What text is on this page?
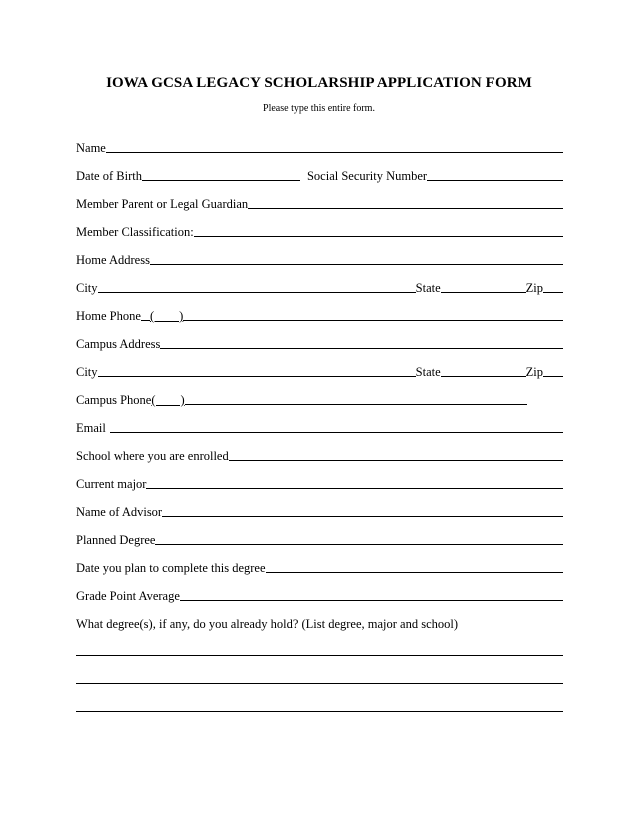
IOWA GCSA LEGACY SCHOLARSHIP APPLICATION FORM
Please type this entire form.
Name
Date of Birth	Social Security Number
Member Parent or Legal Guardian
Member Classification:
Home Address
City	State	Zip
Home Phone (        )
Campus Address
City	State	Zip
Campus Phone (        )
Email
School where you are enrolled
Current major
Name of Advisor
Planned Degree
Date you plan to complete this degree
Grade Point Average
What degree(s), if any, do you already hold? (List degree, major and school)
